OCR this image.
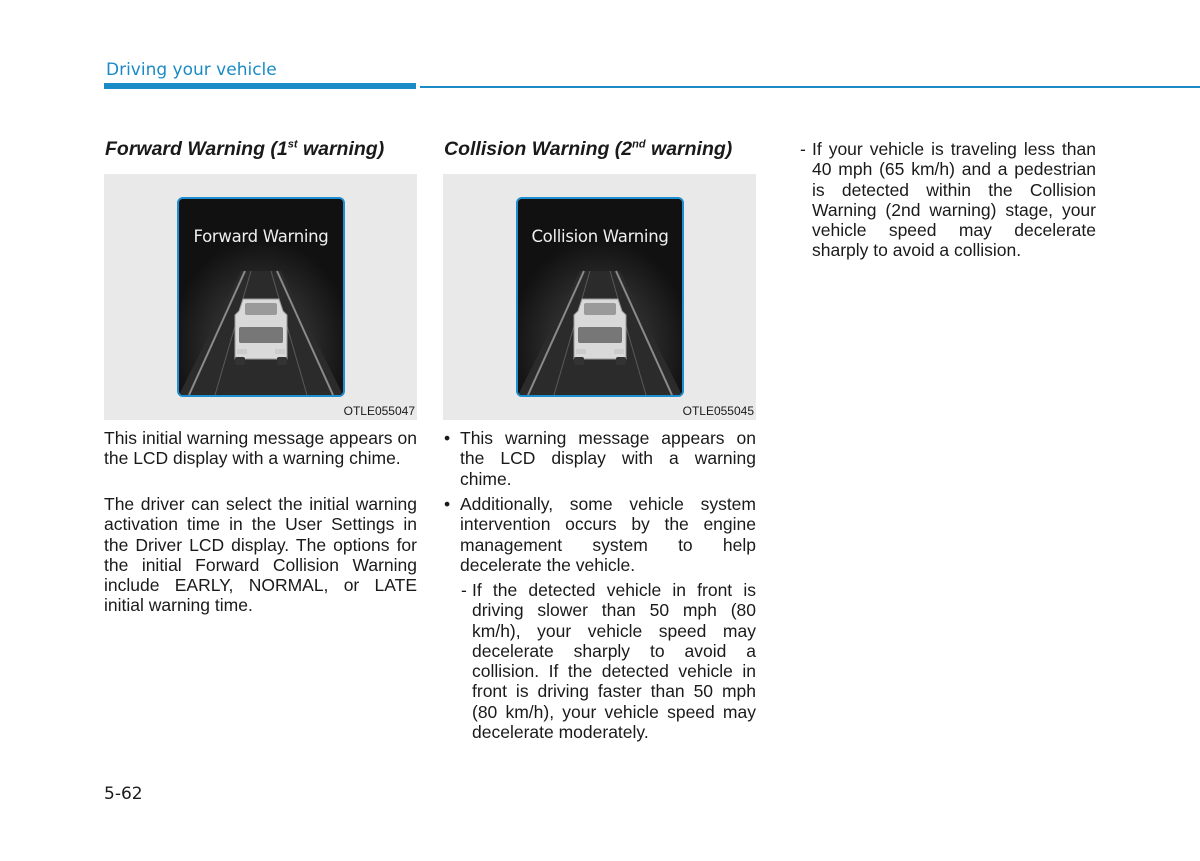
Driving your vehicle
Forward Warning (1st warning)
Forward Warning
OTLE055047

This initial warning message appears on the LCD display with a warning chime.

The driver can select the initial warning activation time in the User Settings in the Driver LCD display. The options for the initial Forward Collision Warning include EARLY, NORMAL, or LATE initial warning time.

Collision Warning (2nd warning)
Collision Warning
OTLE055045
• This warning message appears on the LCD display with a warning chime.

• Additionally, some vehicle system intervention occurs by the engine management system to help decelerate the vehicle.

- If the detected vehicle in front is driving slower than 50 mph (80 km/h), your vehicle speed may decelerate sharply to avoid a collision. If the detected vehicle in front is driving faster than 50 mph (80 km/h), your vehicle speed may decelerate moderately.

- If your vehicle is traveling less than 40 mph (65 km/h) and a pedestrian is detected within the Collision Warning (2nd warning) stage, your vehicle speed may decelerate sharply to avoid a collision.

5-62
